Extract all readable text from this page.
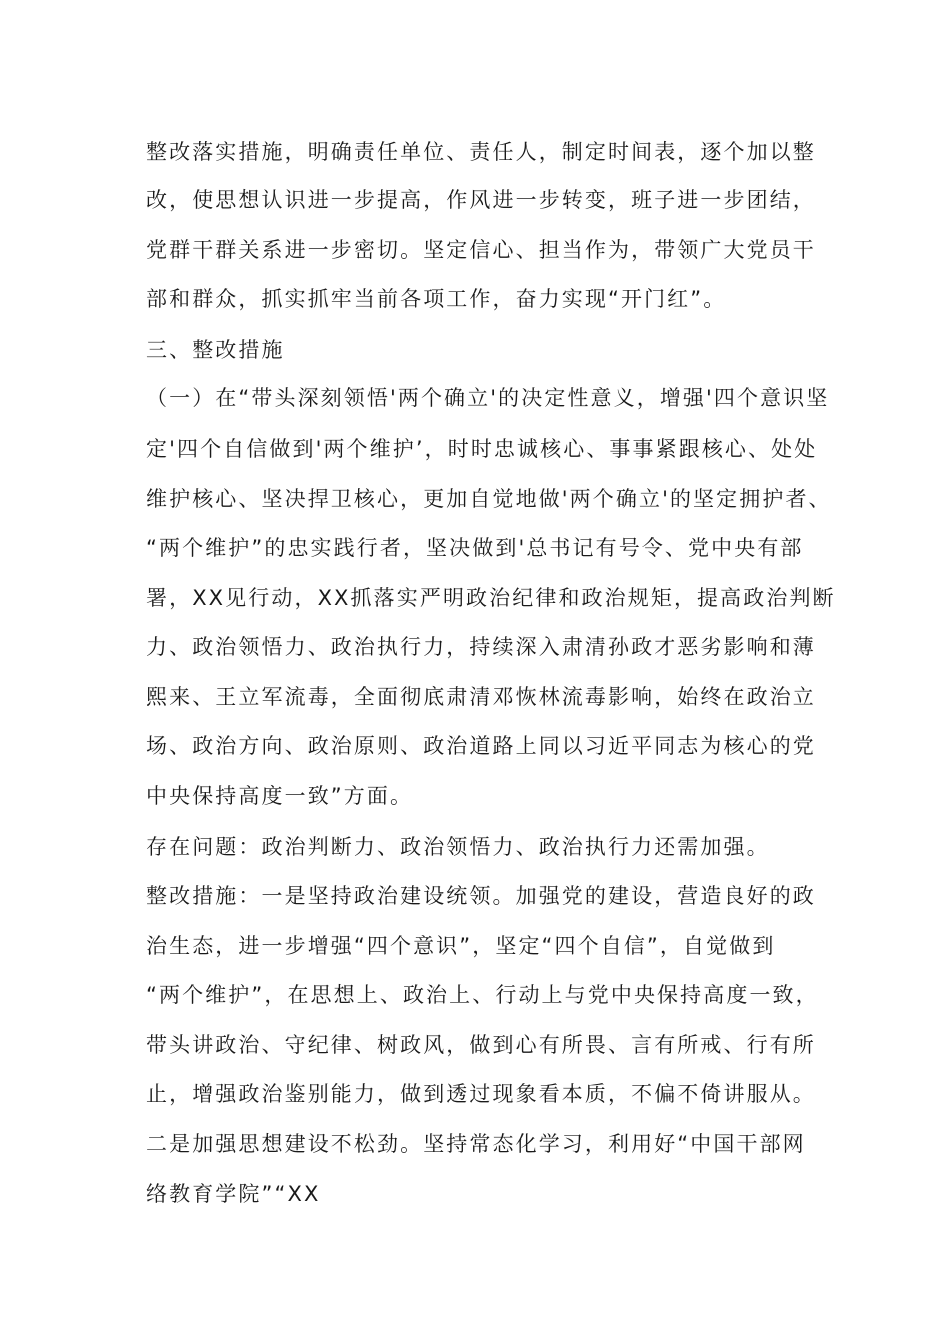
整改落实措施，明确责任单位、责任人，制定时间表，逐个加以整
改，使思想认识进一步提高，作风进一步转变，班子进一步团结，
党群干群关系进一步密切。坚定信心、担当作为，带领广大党员干
部和群众，抓实抓牢当前各项工作，奋力实现“开门红”。
三、整改措施
（一）在“带头深刻领悟'两个确立'的决定性意义，增强'四个意识坚
定'四个自信做到'两个维护’，时时忠诚核心、事事紧跟核心、处处
维护核心、坚决捍卫核心，更加自觉地做'两个确立'的坚定拥护者、
“两个维护”的忠实践行者，坚决做到'总书记有号令、党中央有部
署，XX见行动，XX抓落实严明政治纪律和政治规矩，提高政治判断
力、政治领悟力、政治执行力，持续深入肃清孙政才恶劣影响和薄
熙来、王立军流毒，全面彻底肃清邓恢林流毒影响，始终在政治立
场、政治方向、政治原则、政治道路上同以习近平同志为核心的党
中央保持高度一致”方面。
存在问题：政治判断力、政治领悟力、政治执行力还需加强。
整改措施：一是坚持政治建设统领。加强党的建设，营造良好的政
治生态，进一步增强“四个意识”，坚定“四个自信”，自觉做到
“两个维护”，在思想上、政治上、行动上与党中央保持高度一致，
带头讲政治、守纪律、树政风，做到心有所畏、言有所戒、行有所
止，增强政治鉴别能力，做到透过现象看本质，不偏不倚讲服从。
二是加强思想建设不松劲。坚持常态化学习，利用好“中国干部网
络教育学院”“XX
